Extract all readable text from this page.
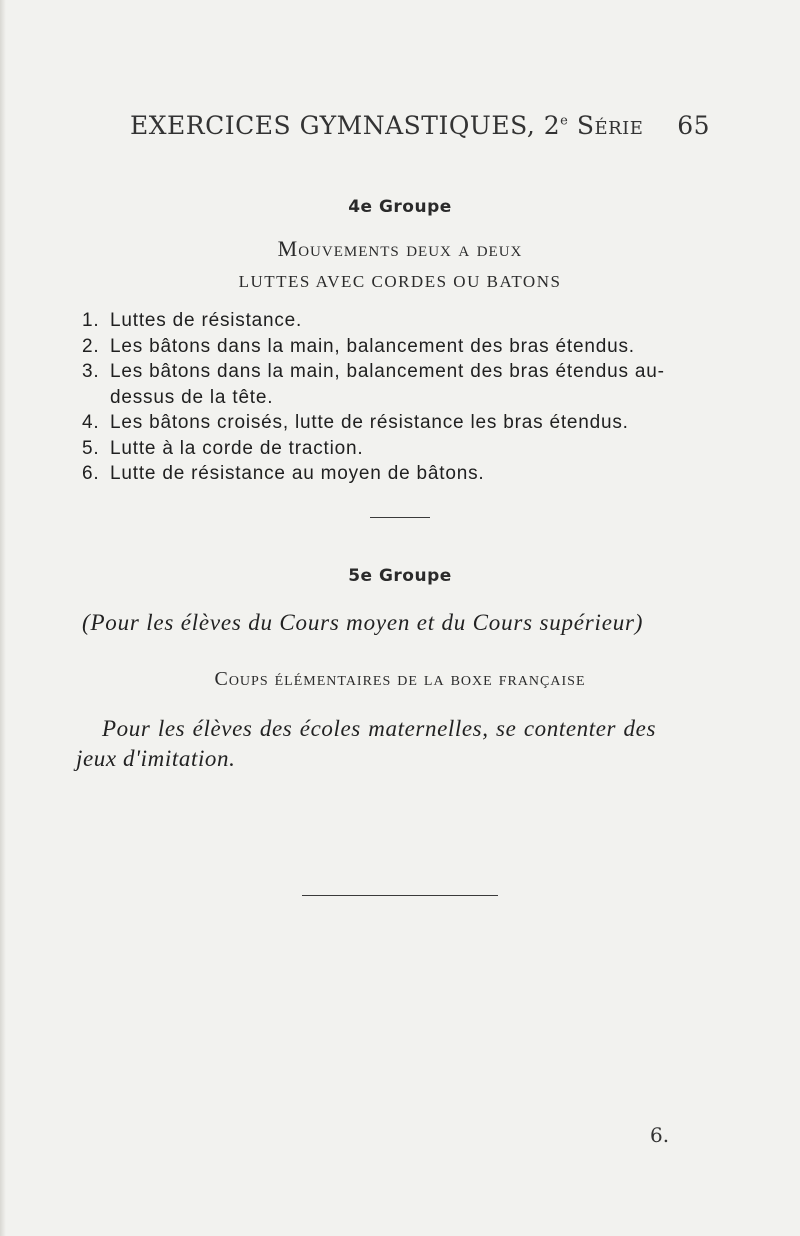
EXERCICES GYMNASTIQUES, 2e Série 65
4e Groupe
Mouvements deux a deux
LUTTES AVEC CORDES OU BATONS
1. Luttes de résistance.
2. Les bâtons dans la main, balancement des bras étendus.
3. Les bâtons dans la main, balancement des bras étendus au-dessus de la tête.
4. Les bâtons croisés, lutte de résistance les bras étendus.
5. Lutte à la corde de traction.
6. Lutte de résistance au moyen de bâtons.
5e Groupe
(Pour les élèves du Cours moyen et du Cours supérieur)
Coups élémentaires de la boxe française
Pour les élèves des écoles maternelles, se contenter des jeux d'imitation.
6.
